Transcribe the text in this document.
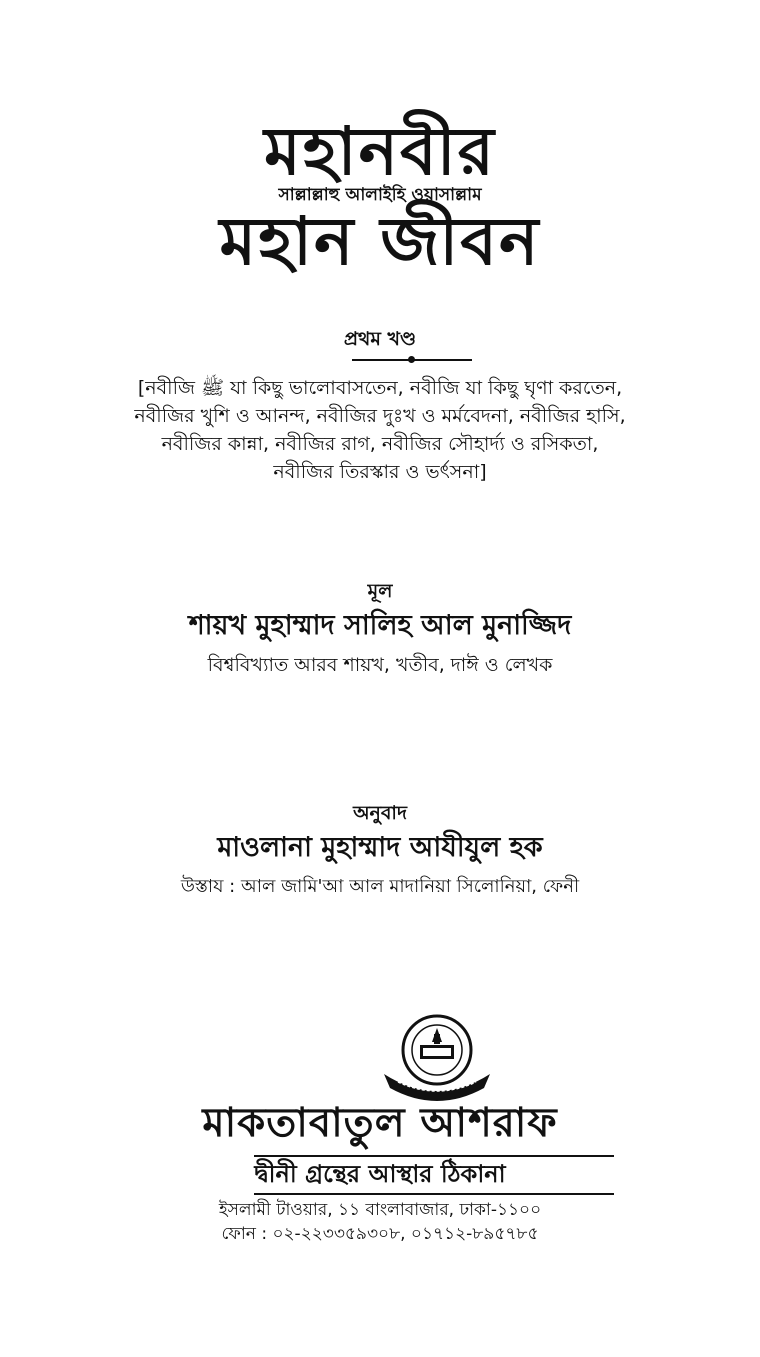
মহানবীর
সাল্লাল্লাহু আলাইহি ওয়াসাল্লাম
মহান জীবন
প্রথম খণ্ড
[নবীজি ﷺ যা কিছু ভালোবাসতেন, নবীজি যা কিছু ঘৃণা করতেন,
নবীজির খুশি ও আনন্দ, নবীজির দুঃখ ও মর্মবেদনা, নবীজির হাসি,
নবীজির কান্না, নবীজির রাগ, নবীজির সৌহার্দ্য ও রসিকতা,
নবীজির তিরস্কার ও ভর্ৎসনা]
মূল
শায়খ মুহাম্মাদ সালিহ আল মুনাজ্জিদ
বিশ্ববিখ্যাত আরব শায়খ, খতীব, দাঈ ও লেখক
অনুবাদ
মাওলানা মুহাম্মাদ আযীযুল হক
উস্তায : আল জামি'আ আল মাদানিয়া সিলোনিয়া, ফেনী
মাকতাবাতুল আশরাফ
দ্বীনী গ্রন্থের আস্থার ঠিকানা
ইসলামী টাওয়ার, ১১ বাংলাবাজার, ঢাকা-১১০০
ফোন : ০২-২২৩৩৫৯৩০৮, ০১৭১২-৮৯৫৭৮৫
